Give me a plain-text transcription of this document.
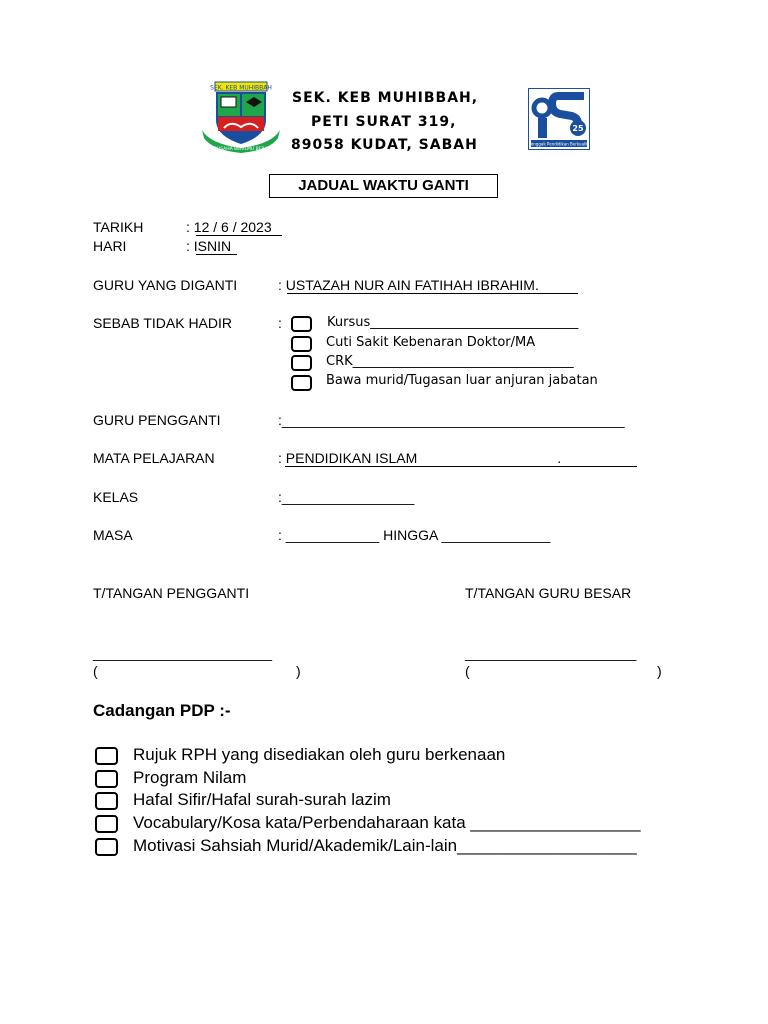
SEK. KEB MUHIBBAH
BERUSAHA BERILMU BERJAYA
SEK. KEB MUHIBBAH,
PETI SURAT 319,
89058 KUDAT, SABAH
25
Tonggak Pendidikan Berkualiti
JADUAL WAKTU GANTI
TARIKH	: 12 / 6 / 2023
HARI	: ISNIN
GURU YANG DIGANTI	: USTAZAH NUR AIN FATIHAH IBRAHIM.
SEBAB TIDAK HADIR	:	Kursus________________________________
Cuti Sakit Kebenaran Doktor/MA
CRK__________________________________
Bawa murid/Tugasan luar anjuran jabatan
GURU PENGGANTI	:____________________________________________
MATA PELAJARAN	: PENDIDIKAN ISLAM                                    .
KELAS	:_________________
MASA	: ____________ HINGGA ______________
T/TANGAN PENGGANTI	T/TANGAN GURU BESAR
_______________________	______________________
(	)	(	)
Cadangan PDP :-
Rujuk RPH yang disediakan oleh guru berkenaan
Program Nilam
Hafal Sifir/Hafal surah-surah lazim
Vocabulary/Kosa kata/Perbendaharaan kata __________________
Motivasi Sahsiah Murid/Akademik/Lain-lain___________________
